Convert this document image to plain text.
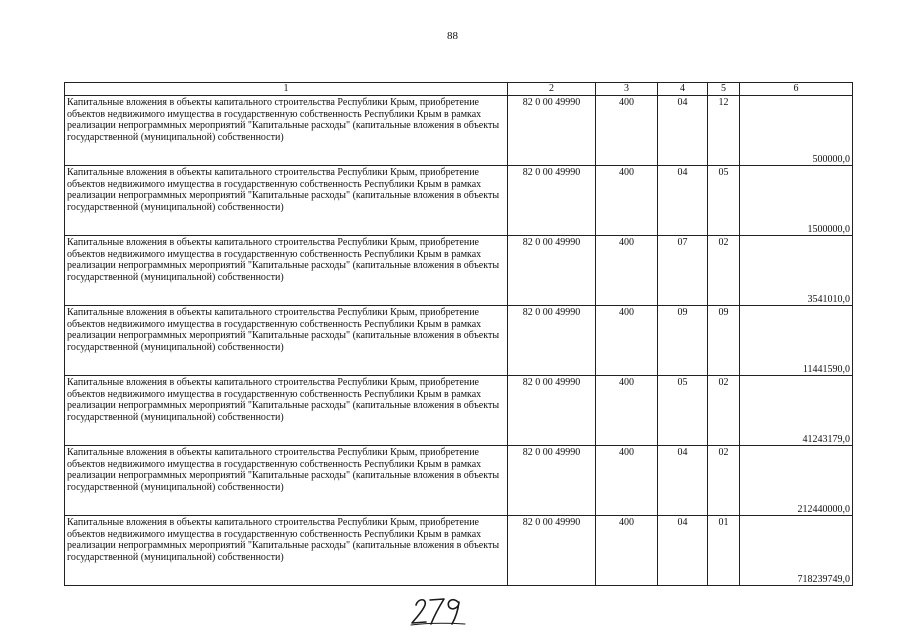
88
1	2	3	4	5	6
Капитальные вложения в объекты капитального строительства Республики Крым, приобретение объектов недвижимого имущества в государственную собственность Республики Крым в рамках реализации непрограммных мероприятий "Капитальные расходы" (капитальные вложения в объекты государственной (муниципальной) собственности)	82 0 00 49990	400	04	12	500000,0
Капитальные вложения в объекты капитального строительства Республики Крым, приобретение объектов недвижимого имущества в государственную собственность Республики Крым в рамках реализации непрограммных мероприятий "Капитальные расходы" (капитальные вложения в объекты государственной (муниципальной) собственности)	82 0 00 49990	400	04	05	1500000,0
Капитальные вложения в объекты капитального строительства Республики Крым, приобретение объектов недвижимого имущества в государственную собственность Республики Крым в рамках реализации непрограммных мероприятий "Капитальные расходы" (капитальные вложения в объекты государственной (муниципальной) собственности)	82 0 00 49990	400	07	02	3541010,0
Капитальные вложения в объекты капитального строительства Республики Крым, приобретение объектов недвижимого имущества в государственную собственность Республики Крым в рамках реализации непрограммных мероприятий "Капитальные расходы" (капитальные вложения в объекты государственной (муниципальной) собственности)	82 0 00 49990	400	09	09	11441590,0
Капитальные вложения в объекты капитального строительства Республики Крым, приобретение объектов недвижимого имущества в государственную собственность Республики Крым в рамках реализации непрограммных мероприятий "Капитальные расходы" (капитальные вложения в объекты государственной (муниципальной) собственности)	82 0 00 49990	400	05	02	41243179,0
Капитальные вложения в объекты капитального строительства Республики Крым, приобретение объектов недвижимого имущества в государственную собственность Республики Крым в рамках реализации непрограммных мероприятий "Капитальные расходы" (капитальные вложения в объекты государственной (муниципальной) собственности)	82 0 00 49990	400	04	02	212440000,0
Капитальные вложения в объекты капитального строительства Республики Крым, приобретение объектов недвижимого имущества в государственную собственность Республики Крым в рамках реализации непрограммных мероприятий "Капитальные расходы" (капитальные вложения в объекты государственной (муниципальной) собственности)	82 0 00 49990	400	04	01	718239749,0
